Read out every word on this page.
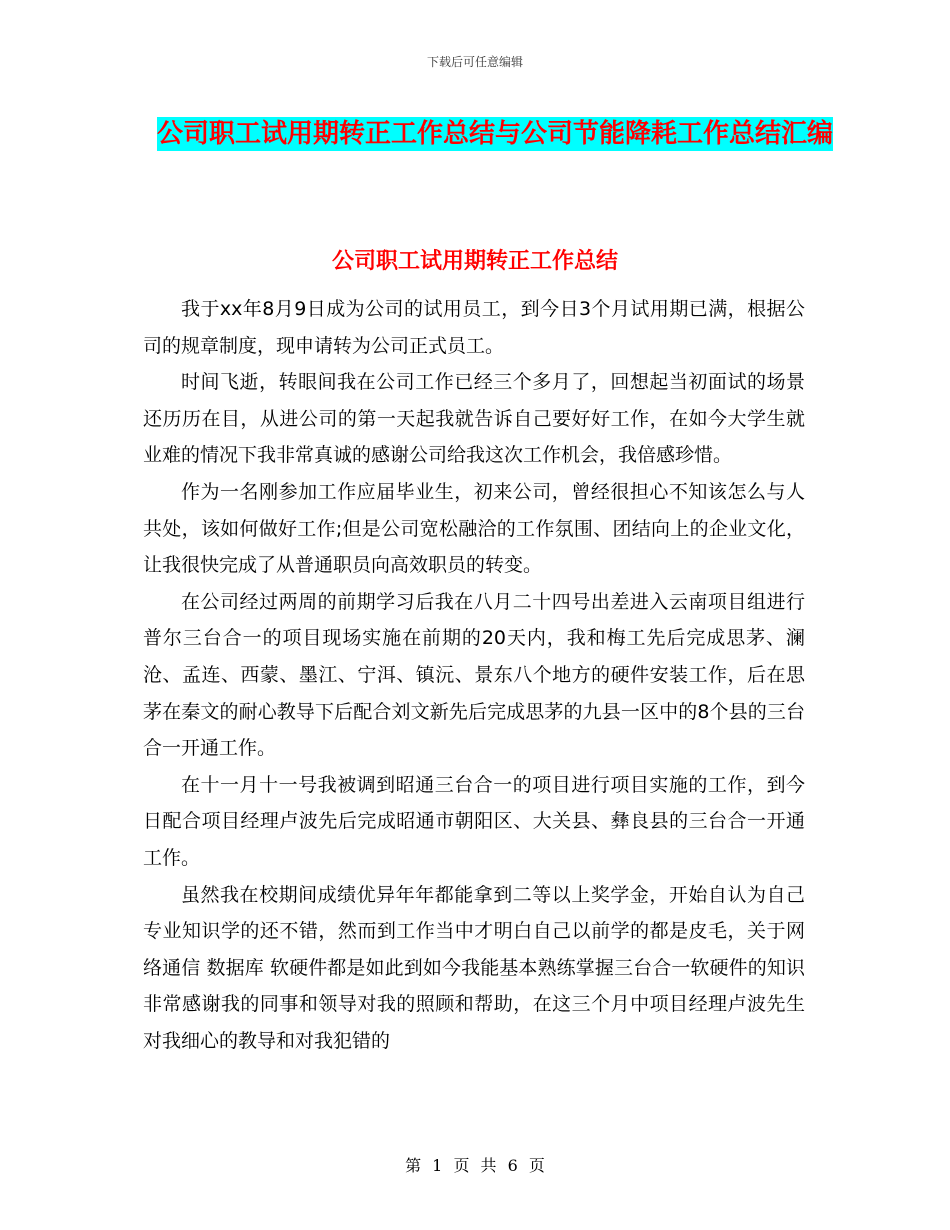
下载后可任意编辑
公司职工试用期转正工作总结与公司节能降耗工作总结汇编
公司职工试用期转正工作总结

我于xx年8月9日成为公司的试用员工，到今日3个月试用期已满，根据公司的规章制度，现申请转为公司正式员工。

时间飞逝，转眼间我在公司工作已经三个多月了，回想起当初面试的场景还历历在目，从进公司的第一天起我就告诉自己要好好工作，在如今大学生就业难的情况下我非常真诚的感谢公司给我这次工作机会，我倍感珍惜。

作为一名刚参加工作应届毕业生，初来公司，曾经很担心不知该怎么与人共处，该如何做好工作;但是公司宽松融洽的工作氛围、团结向上的企业文化，让我很快完成了从普通职员向高效职员的转变。

在公司经过两周的前期学习后我在八月二十四号出差进入云南项目组进行普尔三台合一的项目现场实施在前期的20天内，我和梅工先后完成思茅、澜沧、孟连、西蒙、墨江、宁洱、镇沅、景东八个地方的硬件安装工作，后在思茅在秦文的耐心教导下后配合刘文新先后完成思茅的九县一区中的8个县的三台合一开通工作。

在十一月十一号我被调到昭通三台合一的项目进行项目实施的工作，到今日配合项目经理卢波先后完成昭通市朝阳区、大关县、彝良县的三台合一开通工作。

虽然我在校期间成绩优异年年都能拿到二等以上奖学金，开始自认为自己专业知识学的还不错，然而到工作当中才明白自己以前学的都是皮毛，关于网络通信 数据库 软硬件都是如此到如今我能基本熟练掌握三台合一软硬件的知识非常感谢我的同事和领导对我的照顾和帮助，在这三个月中项目经理卢波先生对我细心的教导和对我犯错的

第 1 页 共 6 页
